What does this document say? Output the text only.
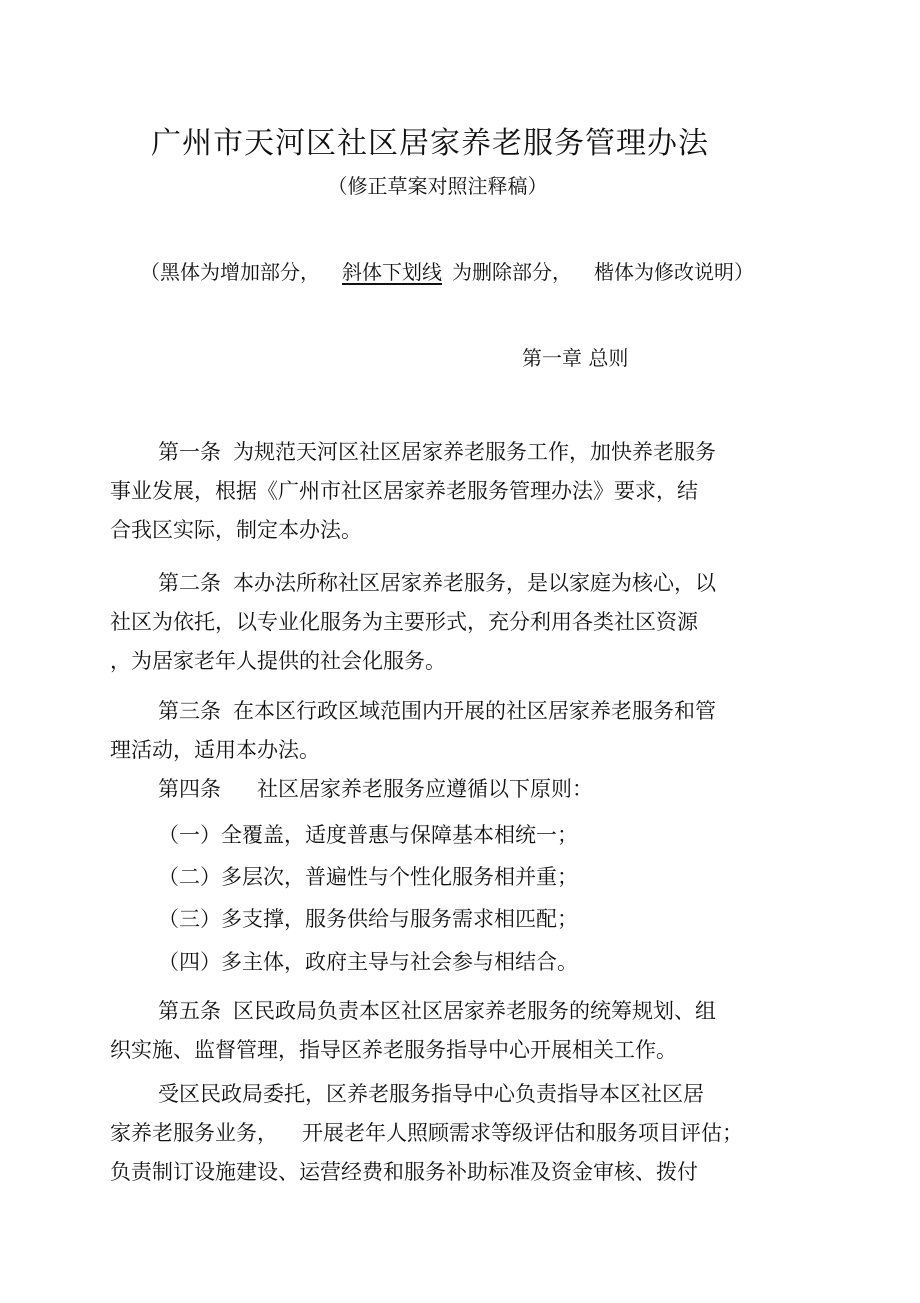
广州市天河区社区居家养老服务管理办法
（修正草案对照注释稿）
（黑体为增加部分， 斜体下划线 为删除部分， 楷体为修改说明）
第一章 总则
第一条 为规范天河区社区居家养老服务工作，加快养老服务
事业发展，根据《广州市社区居家养老服务管理办法》要求，结
合我区实际，制定本办法。
第二条 本办法所称社区居家养老服务，是以家庭为核心，以
社区为依托，以专业化服务为主要形式，充分利用各类社区资源
，为居家老年人提供的社会化服务。
第三条 在本区行政区域范围内开展的社区居家养老服务和管
理活动，适用本办法。
第四条 社区居家养老服务应遵循以下原则：
（一）全覆盖，适度普惠与保障基本相统一；
（二）多层次，普遍性与个性化服务相并重；
（三）多支撑，服务供给与服务需求相匹配；
（四）多主体，政府主导与社会参与相结合。
第五条 区民政局负责本区社区居家养老服务的统筹规划、组
织实施、监督管理，指导区养老服务指导中心开展相关工作。
受区民政局委托，区养老服务指导中心负责指导本区社区居
家养老服务业务， 开展老年人照顾需求等级评估和服务项目评估；
负责制订设施建设、运营经费和服务补助标准及资金审核、拨付
